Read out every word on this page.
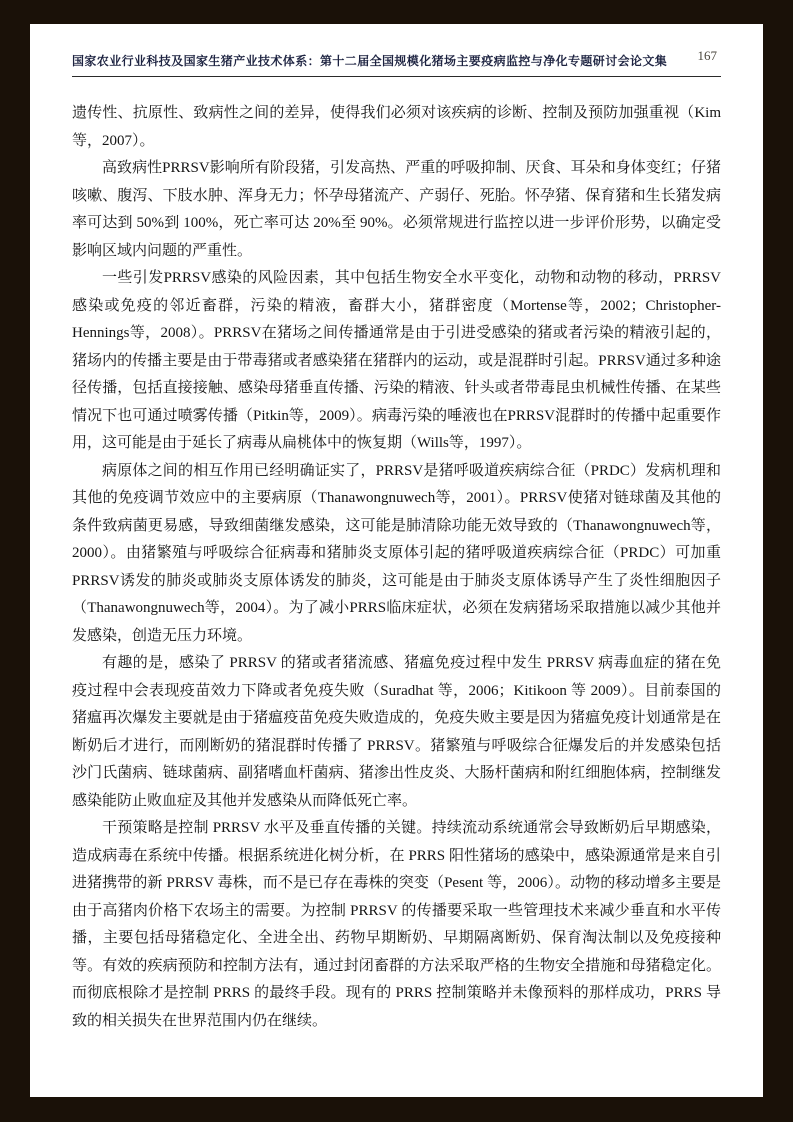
国家农业行业科技及国家生猪产业技术体系：第十二届全国规模化猪场主要疫病监控与净化专题研讨会论文集 167

遗传性、抗原性、致病性之间的差异，使得我们必须对该疾病的诊断、控制及预防加强重视（Kim等，2007）。

高致病性PRRSV影响所有阶段猪，引发高热、严重的呼吸抑制、厌食、耳朵和身体变红；仔猪咳嗽、腹泻、下肢水肿、浑身无力；怀孕母猪流产、产弱仔、死胎。怀孕猪、保育猪和生长猪发病率可达到 50%到 100%，死亡率可达 20%至 90%。必须常规进行监控以进一步评价形势，以确定受影响区域内问题的严重性。

一些引发PRRSV感染的风险因素，其中包括生物安全水平变化，动物和动物的移动，PRRSV感染或免疫的邻近畜群，污染的精液，畜群大小，猪群密度（Mortense等，2002；Christopher-Hennings等，2008）。PRRSV在猪场之间传播通常是由于引进受感染的猪或者污染的精液引起的，猪场内的传播主要是由于带毒猪或者感染猪在猪群内的运动，或是混群时引起。PRRSV通过多种途径传播，包括直接接触、感染母猪垂直传播、污染的精液、针头或者带毒昆虫机械性传播、在某些情况下也可通过喷雾传播（Pitkin等，2009）。病毒污染的唾液也在PRRSV混群时的传播中起重要作用，这可能是由于延长了病毒从扁桃体中的恢复期（Wills等，1997）。

病原体之间的相互作用已经明确证实了，PRRSV是猪呼吸道疾病综合征（PRDC）发病机理和其他的免疫调节效应中的主要病原（Thanawongnuwech等，2001）。PRRSV使猪对链球菌及其他的条件致病菌更易感，导致细菌继发感染，这可能是肺清除功能无效导致的（Thanawongnuwech等，2000）。由猪繁殖与呼吸综合征病毒和猪肺炎支原体引起的猪呼吸道疾病综合征（PRDC）可加重PRRSV诱发的肺炎或肺炎支原体诱发的肺炎，这可能是由于肺炎支原体诱导产生了炎性细胞因子（Thanawongnuwech等，2004）。为了减小PRRS临床症状，必须在发病猪场采取措施以减少其他并发感染，创造无压力环境。

有趣的是，感染了 PRRSV 的猪或者猪流感、猪瘟免疫过程中发生 PRRSV 病毒血症的猪在免疫过程中会表现疫苗效力下降或者免疫失败（Suradhat 等，2006；Kitikoon 等 2009）。目前泰国的猪瘟再次爆发主要就是由于猪瘟疫苗免疫失败造成的，免疫失败主要是因为猪瘟免疫计划通常是在断奶后才进行，而刚断奶的猪混群时传播了 PRRSV。猪繁殖与呼吸综合征爆发后的并发感染包括沙门氏菌病、链球菌病、副猪嗜血杆菌病、猪渗出性皮炎、大肠杆菌病和附红细胞体病，控制继发感染能防止败血症及其他并发感染从而降低死亡率。

干预策略是控制 PRRSV 水平及垂直传播的关键。持续流动系统通常会导致断奶后早期感染，造成病毒在系统中传播。根据系统进化树分析，在 PRRS 阳性猪场的感染中，感染源通常是来自引进猪携带的新 PRRSV 毒株，而不是已存在毒株的突变（Pesent 等，2006）。动物的移动增多主要是由于高猪肉价格下农场主的需要。为控制 PRRSV 的传播要采取一些管理技术来减少垂直和水平传播，主要包括母猪稳定化、全进全出、药物早期断奶、早期隔离断奶、保育淘汰制以及免疫接种等。有效的疾病预防和控制方法有，通过封闭畜群的方法采取严格的生物安全措施和母猪稳定化。而彻底根除才是控制 PRRS 的最终手段。现有的 PRRS 控制策略并未像预料的那样成功，PRRS 导致的相关损失在世界范围内仍在继续。
